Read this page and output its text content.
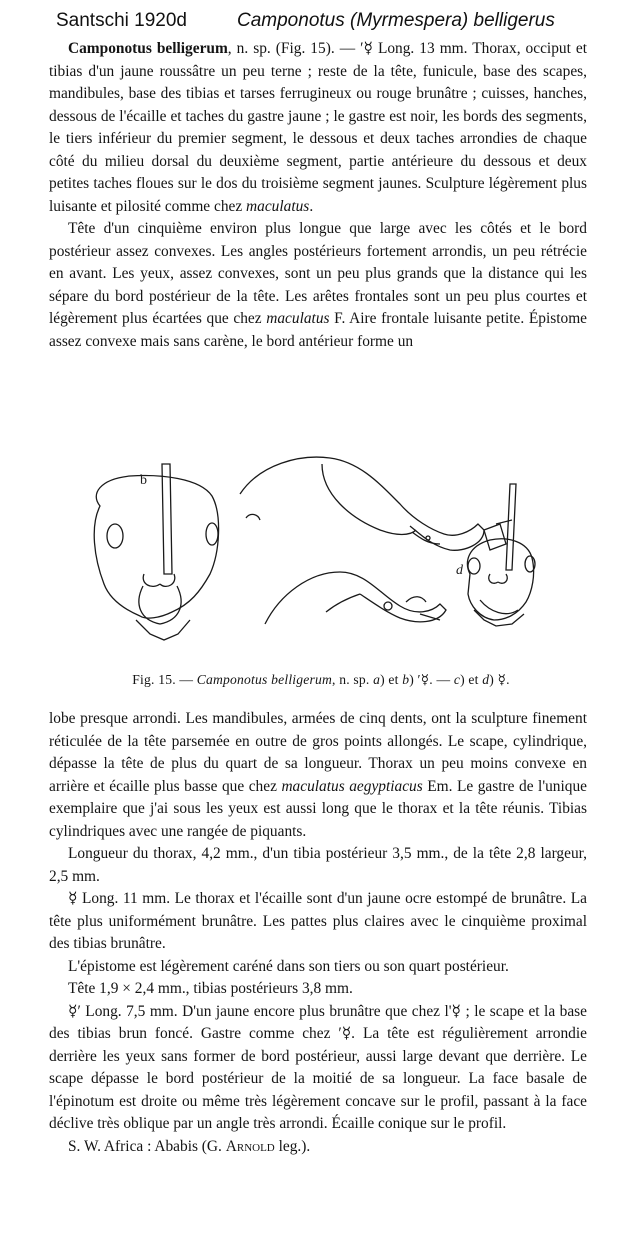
Santschi 1920d	Camponotus (Myrmespera) belligerus

Camponotus belligerum, n. sp. (Fig. 15). — ′☿ Long. 13 mm. Thorax, occiput et tibias d'un jaune roussâtre un peu terne ; reste de la tête, funicule, base des scapes, mandibules, base des tibias et tarses ferrugineux ou rouge brunâtre ; cuisses, hanches, dessous de l'écaille et taches du gastre jaune ; le gastre est noir, les bords des segments, le tiers inférieur du premier segment, le dessous et deux taches arrondies de chaque côté du milieu dorsal du deuxième segment, partie antérieure du dessous et deux petites taches floues sur le dos du troisième segment jaunes. Sculpture légèrement plus luisante et pilosité comme chez maculatus.

Tête d'un cinquième environ plus longue que large avec les côtés et le bord postérieur assez convexes. Les angles postérieurs fortement arrondis, un peu rétrécie en avant. Les yeux, assez convexes, sont un peu plus grands que la distance qui les sépare du bord postérieur de la tête. Les arêtes frontales sont un peu plus courtes et légèrement plus écartées que chez maculatus F. Aire frontale luisante petite. Épistome assez convexe mais sans carène, le bord antérieur forme un

b
d
Fig. 15. — Camponotus belligerum, n. sp. a) et b) ′☿. — c) et d) ☿.

lobe presque arrondi. Les mandibules, armées de cinq dents, ont la sculpture finement réticulée de la tête parsemée en outre de gros points allongés. Le scape, cylindrique, dépasse la tête de plus du quart de sa longueur. Thorax un peu moins convexe en arrière et écaille plus basse que chez maculatus aegyptiacus Em. Le gastre de l'unique exemplaire que j'ai sous les yeux est aussi long que le thorax et la tête réunis. Tibias cylindriques avec une rangée de piquants.

Longueur du thorax, 4,2 mm., d'un tibia postérieur 3,5 mm., de la tête 2,8 largeur, 2,5 mm.

☿ Long. 11 mm. Le thorax et l'écaille sont d'un jaune ocre estompé de brunâtre. La tête plus uniformément brunâtre. Les pattes plus claires avec le cinquième proximal des tibias brunâtre.

L'épistome est légèrement caréné dans son tiers ou son quart postérieur.

Tête 1,9 × 2,4 mm., tibias postérieurs 3,8 mm.

☿′ Long. 7,5 mm. D'un jaune encore plus brunâtre que chez l'☿ ; le scape et la base des tibias brun foncé. Gastre comme chez ′☿. La tête est régulièrement arrondie derrière les yeux sans former de bord postérieur, aussi large devant que derrière. Le scape dépasse le bord postérieur de la moitié de sa longueur. La face basale de l'épinotum est droite ou même très légèrement concave sur le profil, passant à la face déclive très oblique par un angle très arrondi. Écaille conique sur le profil.

S. W. Africa : Ababis (G. Arnold leg.).
